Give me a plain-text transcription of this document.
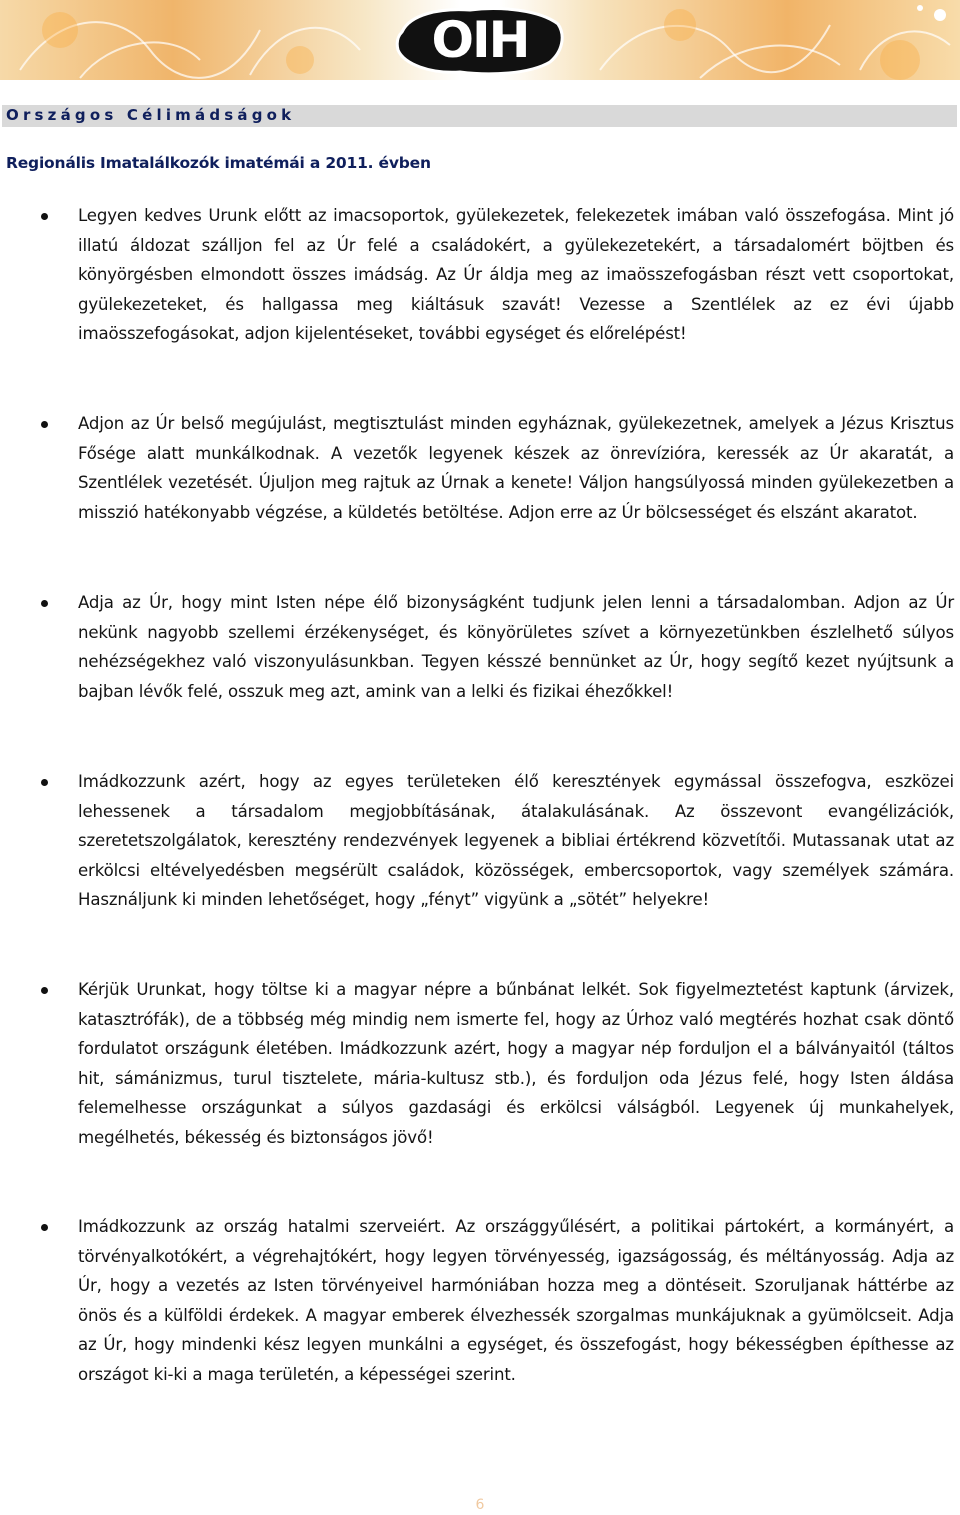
OIH
Országos Célimádságok
Regionális Imatalálkozók imatémái a 2011. évben
Legyen kedves Urunk előtt az imacsoportok, gyülekezetek, felekezetek imában való összefogása. Mint jó illatú áldozat szálljon fel az Úr felé a családokért, a gyülekezetekért, a társadalomért böjtben és könyörgésben elmondott összes imádság. Az Úr áldja meg az imaösszefogásban részt vett csoportokat, gyülekezeteket, és hallgassa meg kiáltásuk szavát! Vezesse a Szentlélek az ez évi újabb imaösszefogásokat, adjon kijelentéseket, további egységet és előrelépést!
Adjon az Úr belső megújulást, megtisztulást minden egyháznak, gyülekezetnek, amelyek a Jézus Krisztus Fősége alatt munkálkodnak. A vezetők legyenek készek az önrevízióra, keressék az Úr akaratát, a Szentlélek vezetését. Újuljon meg rajtuk az Úrnak a kenete! Váljon hangsúlyossá minden gyülekezetben a misszió hatékonyabb végzése, a küldetés betöltése. Adjon erre az Úr bölcsességet és elszánt akaratot.
Adja az Úr, hogy mint Isten népe élő bizonyságként tudjunk jelen lenni a társadalomban. Adjon az Úr nekünk nagyobb szellemi érzékenységet, és könyörületes szívet a környezetünkben észlelhető súlyos nehézségekhez való viszonyulásunkban. Tegyen késszé bennünket az Úr, hogy segítő kezet nyújtsunk a bajban lévők felé, osszuk meg azt, amink van a lelki és fizikai éhezőkkel!
Imádkozzunk azért, hogy az egyes területeken élő keresztények egymással összefogva, eszközei lehessenek a társadalom megjobbításának, átalakulásának. Az összevont evangélizációk, szeretetszolgálatok, keresztény rendezvények legyenek a bibliai értékrend közvetítői. Mutassanak utat az erkölcsi eltévelyedésben megsérült családok, közösségek, embercsoportok, vagy személyek számára. Használjunk ki minden lehetőséget, hogy „fényt” vigyünk a „sötét” helyekre!
Kérjük Urunkat, hogy töltse ki a magyar népre a bűnbánat lelkét. Sok figyelmeztetést kaptunk (árvizek, katasztrófák), de a többség még mindig nem ismerte fel, hogy az Úrhoz való megtérés hozhat csak döntő fordulatot országunk életében. Imádkozzunk azért, hogy a magyar nép forduljon el a bálványaitól (táltos hit, sámánizmus, turul tisztelete, mária-kultusz stb.), és forduljon oda Jézus felé, hogy Isten áldása felemelhesse országunkat a súlyos gazdasági és erkölcsi válságból. Legyenek új munkahelyek, megélhetés, békesség és biztonságos jövő!
Imádkozzunk az ország hatalmi szerveiért. Az országgyűlésért, a politikai pártokért, a kormányért, a törvényalkotókért, a végrehajtókért, hogy legyen törvényesség, igazságosság, és méltányosság. Adja az Úr, hogy a vezetés az Isten törvényeivel harmóniában hozza meg a döntéseit. Szoruljanak háttérbe az önös és a külföldi érdekek. A magyar emberek élvezhessék szorgalmas munkájuknak a gyümölcseit. Adja az Úr, hogy mindenki kész legyen munkálni a egységet, és összefogást, hogy békességben építhesse az országot ki-ki a maga területén, a képességei szerint.
6
